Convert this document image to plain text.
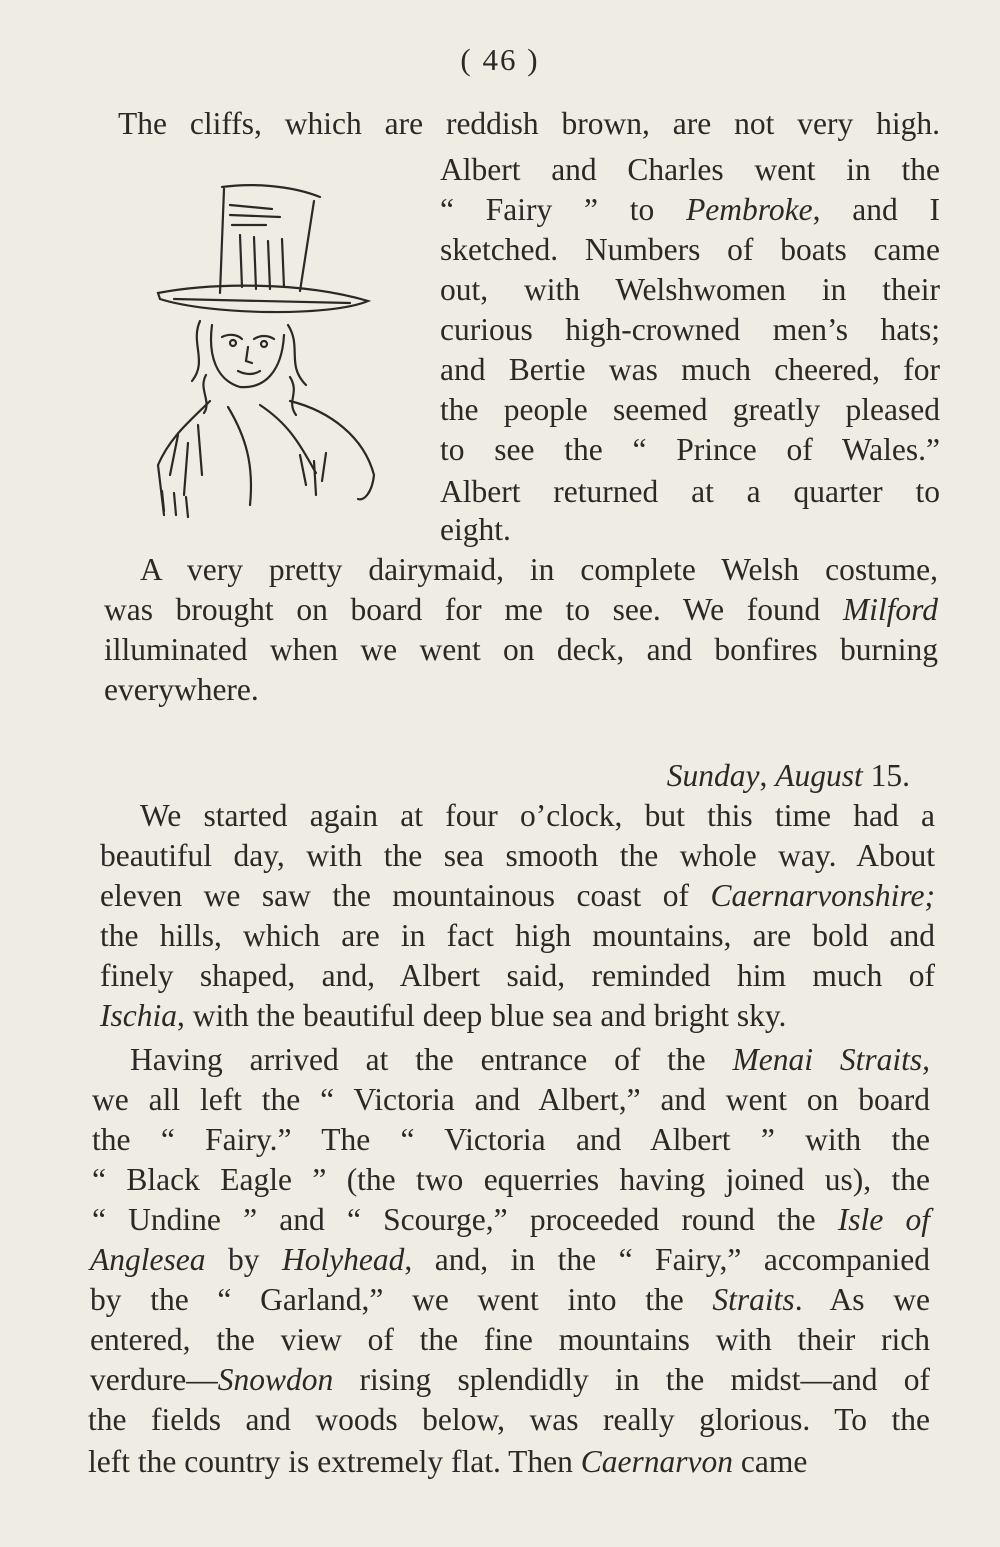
( 46 )
The cliffs, which are reddish brown, are not very high.
Albert and Charles went in the
“ Fairy ” to Pembroke, and I
sketched. Numbers of boats came
out, with Welshwomen in their
curious high-crowned men’s hats;
and Bertie was much cheered, for
the people seemed greatly pleased
to see the “ Prince of Wales.”
Albert returned at a quarter to
eight.
A very pretty dairymaid, in complete Welsh costume,
was brought on board for me to see. We found Milford
illuminated when we went on deck, and bonfires burning
everywhere.
Sunday, August 15.
We started again at four o’clock, but this time had a
beautiful day, with the sea smooth the whole way. About
eleven we saw the mountainous coast of Caernarvonshire;
the hills, which are in fact high mountains, are bold and
finely shaped, and, Albert said, reminded him much of
Ischia, with the beautiful deep blue sea and bright sky.
Having arrived at the entrance of the Menai Straits,
we all left the “ Victoria and Albert,” and went on board
the “ Fairy.” The “ Victoria and Albert ” with the
“ Black Eagle ” (the two equerries having joined us), the
“ Undine ” and “ Scourge,” proceeded round the Isle of
Anglesea by Holyhead, and, in the “ Fairy,” accompanied
by the “ Garland,” we went into the Straits. As we
entered, the view of the fine mountains with their rich
verdure—Snowdon rising splendidly in the midst—and of
the fields and woods below, was really glorious. To the
left the country is extremely flat. Then Caernarvon came
